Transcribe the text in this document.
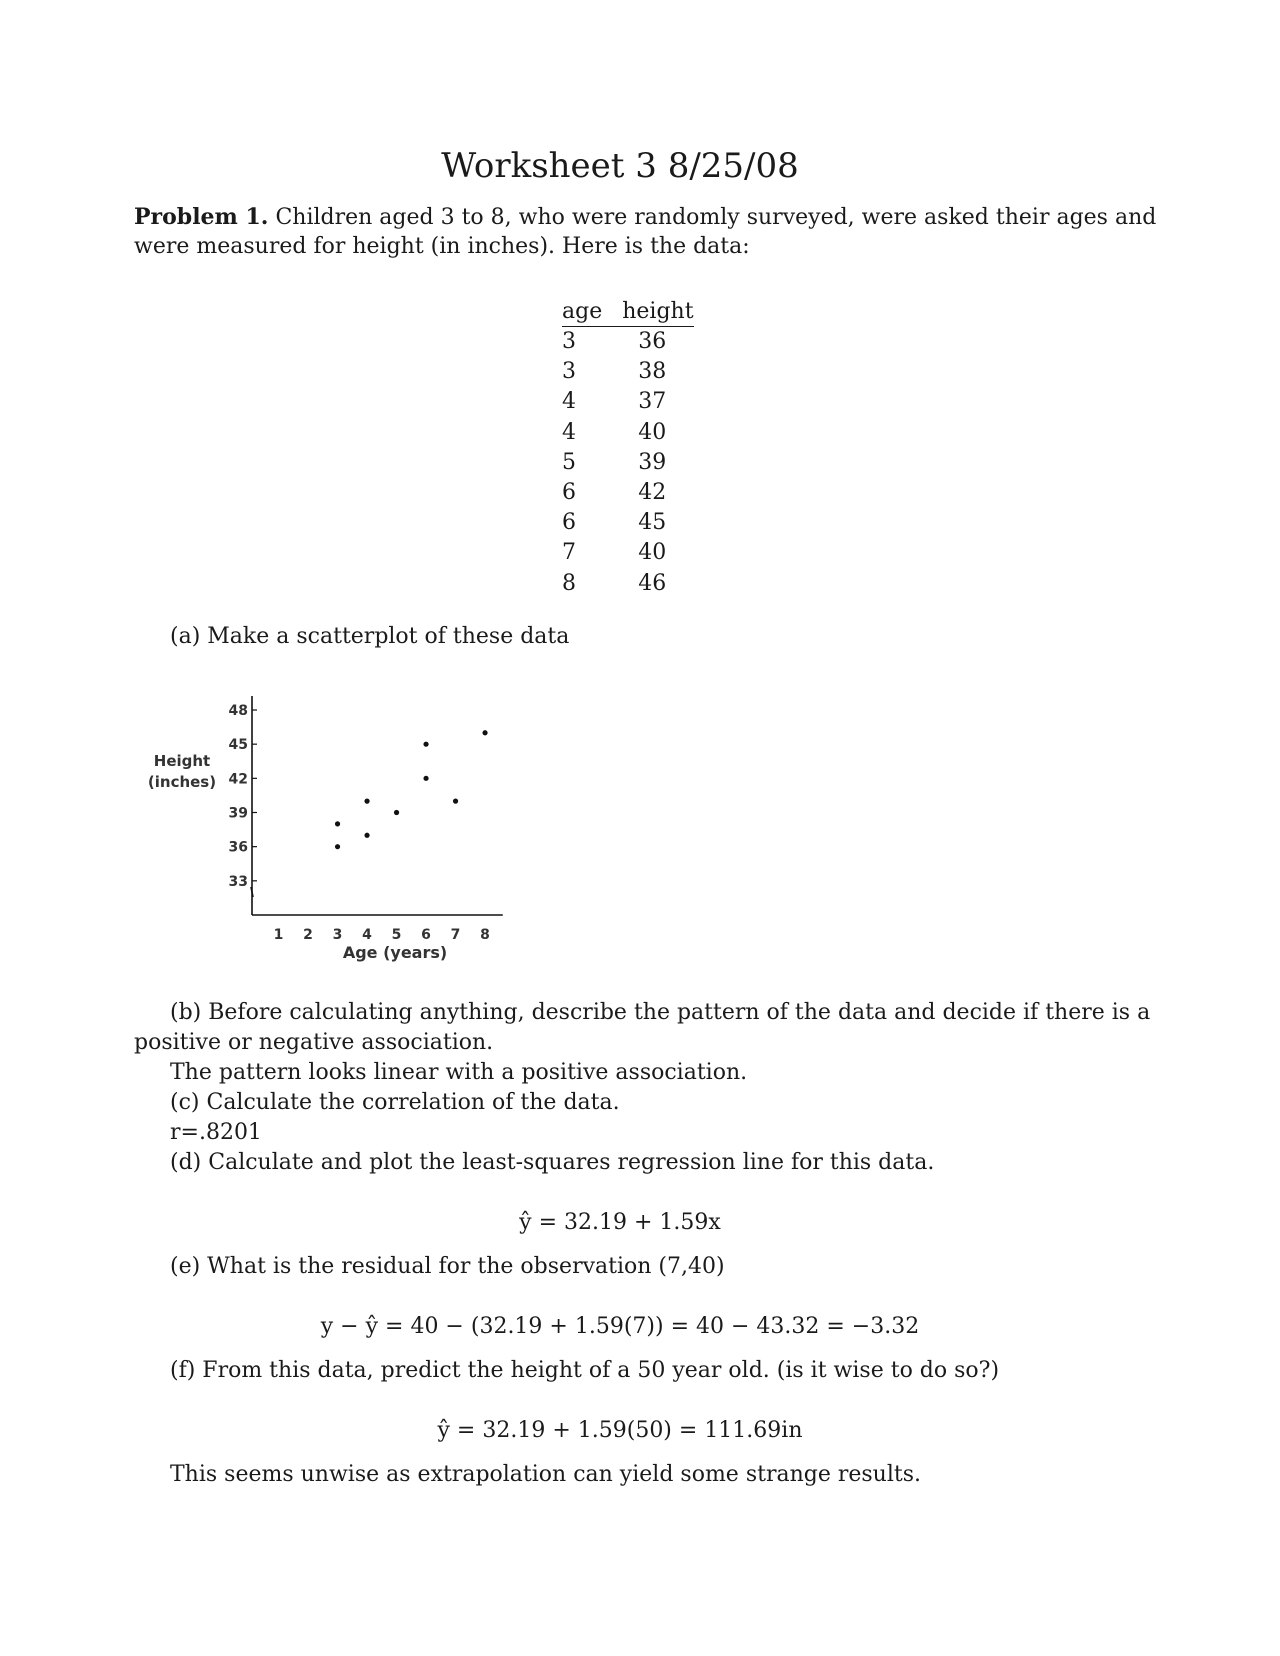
Worksheet 3 8/25/08
Problem 1. Children aged 3 to 8, who were randomly surveyed, were asked their ages and
were measured for height (in inches). Here is the data:
age	height
3	36
3	38
4	37
4	40
5	39
6	42
6	45
7	40
8	46
(a) Make a scatterplot of these data
48
45
42
39
36
33
1 2 3 4 5 6 7 8
Height
(inches)
Age (years)
(b) Before calculating anything, describe the pattern of the data and decide if there is a
positive or negative association.
The pattern looks linear with a positive association.
(c) Calculate the correlation of the data.
r=.8201
(d) Calculate and plot the least-squares regression line for this data.
ŷ = 32.19 + 1.59x
(e) What is the residual for the observation (7,40)
y − ŷ = 40 − (32.19 + 1.59(7)) = 40 − 43.32 = −3.32
(f) From this data, predict the height of a 50 year old. (is it wise to do so?)
ŷ = 32.19 + 1.59(50) = 111.69in
This seems unwise as extrapolation can yield some strange results.
